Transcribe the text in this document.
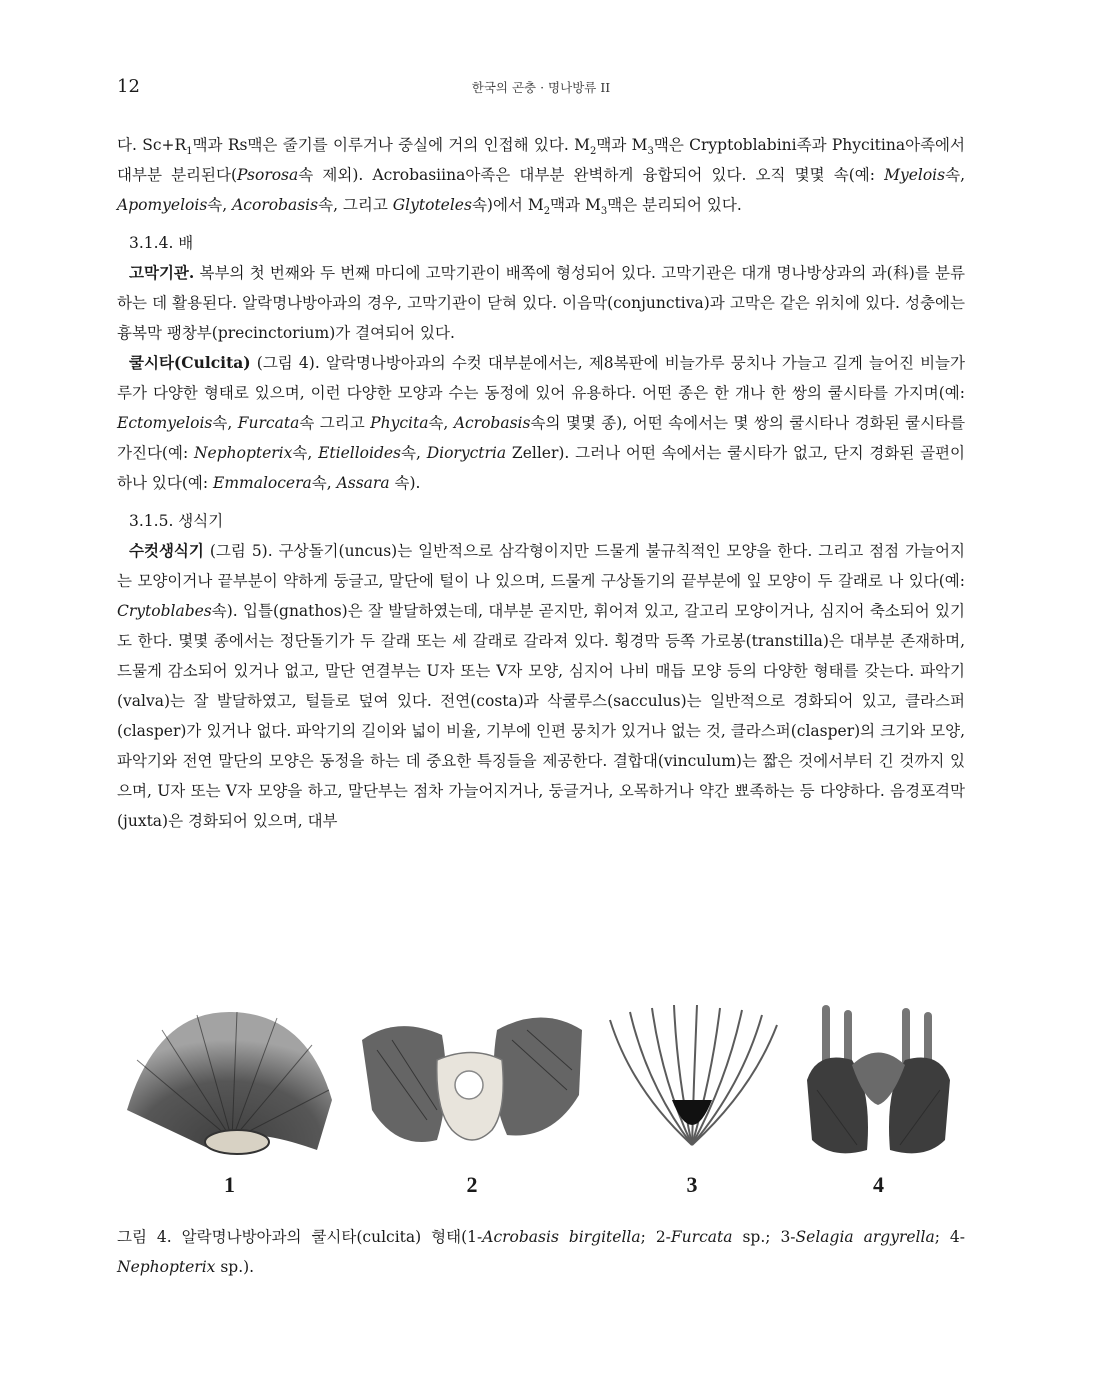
12	한국의 곤충 · 명나방류 II

다. $Sc+R_1$맥과 Rs맥은 줄기를 이루거나 중실에 거의 인접해 있다. $M_2$맥과 $M_3$맥은 Cryptoblabini족과 Phycitina아족에서 대부분 분리된다(Psorosa속 제외). Acrobasiina아족은 대부분 완벽하게 융합되어 있다. 오직 몇몇 속(예: Myelois속, Apomyelois속, Acorobasis속, 그리고 Glytoteles속)에서 $M_2$맥과 $M_3$맥은 분리되어 있다.

3.1.4. 배

고막기관. 복부의 첫 번째와 두 번째 마디에 고막기관이 배쪽에 형성되어 있다. 고막기관은 대개 명나방상과의 과(科)를 분류하는 데 활용된다. 알락명나방아과의 경우, 고막기관이 닫혀 있다. 이음막(conjunctiva)과 고막은 같은 위치에 있다. 성충에는 흉복막 팽창부(precinctorium)가 결여되어 있다.

쿨시타(Culcita) (그림 4). 알락명나방아과의 수컷 대부분에서는, 제8복판에 비늘가루 뭉치나 가늘고 길게 늘어진 비늘가루가 다양한 형태로 있으며, 이런 다양한 모양과 수는 동정에 있어 유용하다. 어떤 종은 한 개나 한 쌍의 쿨시타를 가지며(예: Ectomyelois속, Furcata속 그리고 Phycita속, Acrobasis속의 몇몇 종), 어떤 속에서는 몇 쌍의 쿨시타나 경화된 쿨시타를 가진다(예: Nephopterix속, Etielloides속, Dioryctria Zeller). 그러나 어떤 속에서는 쿨시타가 없고, 단지 경화된 골편이 하나 있다(예: Emmalocera속, Assara 속).

3.1.5. 생식기

수컷생식기 (그림 5). 구상돌기(uncus)는 일반적으로 삼각형이지만 드물게 불규칙적인 모양을 한다. 그리고 점점 가늘어지는 모양이거나 끝부분이 약하게 둥글고, 말단에 털이 나 있으며, 드물게 구상돌기의 끝부분에 잎 모양이 두 갈래로 나 있다(예: Crytoblabes속). 입틀(gnathos)은 잘 발달하였는데, 대부분 곧지만, 휘어져 있고, 갈고리 모양이거나, 심지어 축소되어 있기도 한다. 몇몇 종에서는 정단돌기가 두 갈래 또는 세 갈래로 갈라져 있다. 횡경막 등쪽 가로봉(transtilla)은 대부분 존재하며, 드물게 감소되어 있거나 없고, 말단 연결부는 U자 또는 V자 모양, 심지어 나비 매듭 모양 등의 다양한 형태를 갖는다. 파악기(valva)는 잘 발달하였고, 털들로 덮여 있다. 전연(costa)과 삭쿨루스(sacculus)는 일반적으로 경화되어 있고, 클라스퍼(clasper)가 있거나 없다. 파악기의 길이와 넓이 비율, 기부에 인편 뭉치가 있거나 없는 것, 클라스퍼(clasper)의 크기와 모양, 파악기와 전연 말단의 모양은 동정을 하는 데 중요한 특징들을 제공한다. 결합대(vinculum)는 짧은 것에서부터 긴 것까지 있으며, U자 또는 V자 모양을 하고, 말단부는 점차 가늘어지거나, 둥글거나, 오목하거나 약간 뾰족하는 등 다양하다. 음경포격막(juxta)은 경화되어 있으며, 대부

1	2	3	4
그림 4. 알락명나방아과의 쿨시타(culcita) 형태(1-Acrobasis birgitella; 2-Furcata sp.; 3-Selagia argyrella; 4-Nephopterix sp.).
